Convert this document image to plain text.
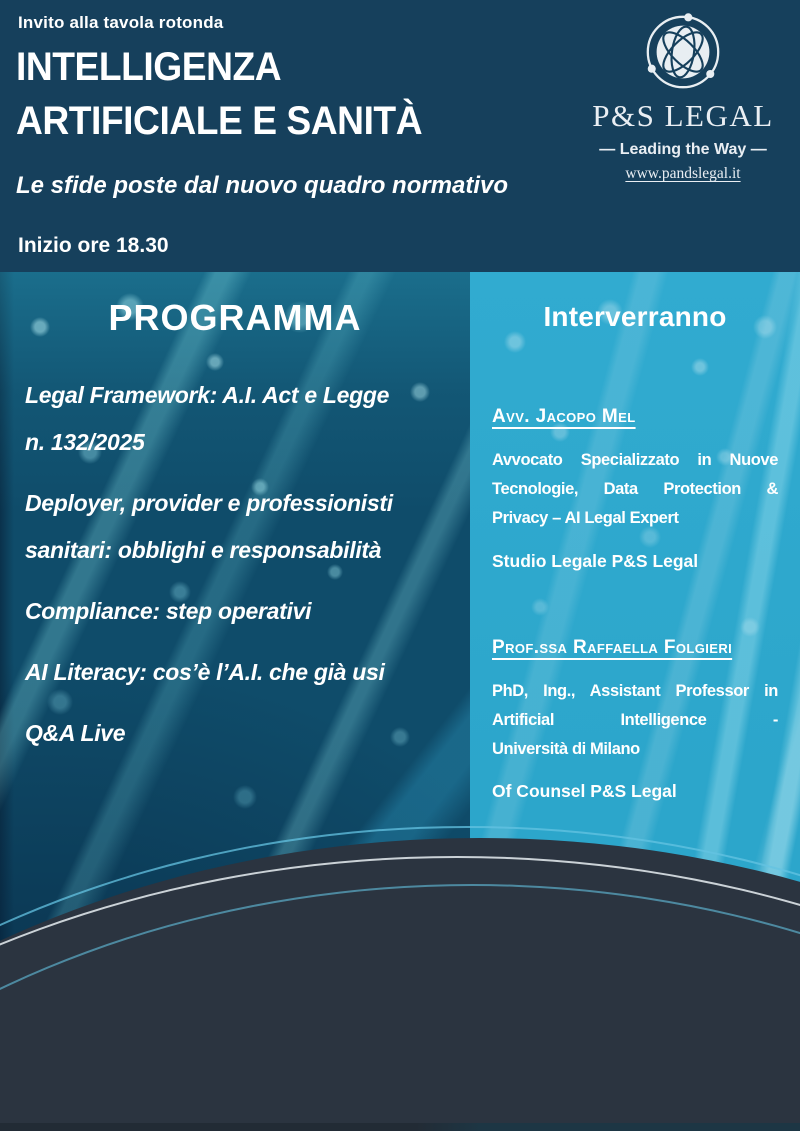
PROGRAMMA
Legal Framework: A.I. Act e Legge
n. 132/2025
Deployer, provider e professionisti
sanitari: obblighi e responsabilità
Compliance: step operativi
AI Literacy: cos’è l’A.I. che già usi
Q&A Live
Interverranno
Avv. Jacopo Mel
Avvocato Specializzato in Nuove
Tecnologie, Data Protection &
Privacy – AI Legal Expert
Studio Legale P&S Legal
Prof.ssa Raffaella Folgieri
PhD, Ing., Assistant Professor in
Artificial Intelligence -
Università di Milano
Of Counsel P&S Legal
Invito alla tavola rotonda
INTELLIGENZA
ARTIFICIALE E SANITÀ
Le sfide poste dal nuovo quadro normativo
Inizio ore 18.30
P&S LEGAL
— Leading the Way —
www.pandslegal.it
